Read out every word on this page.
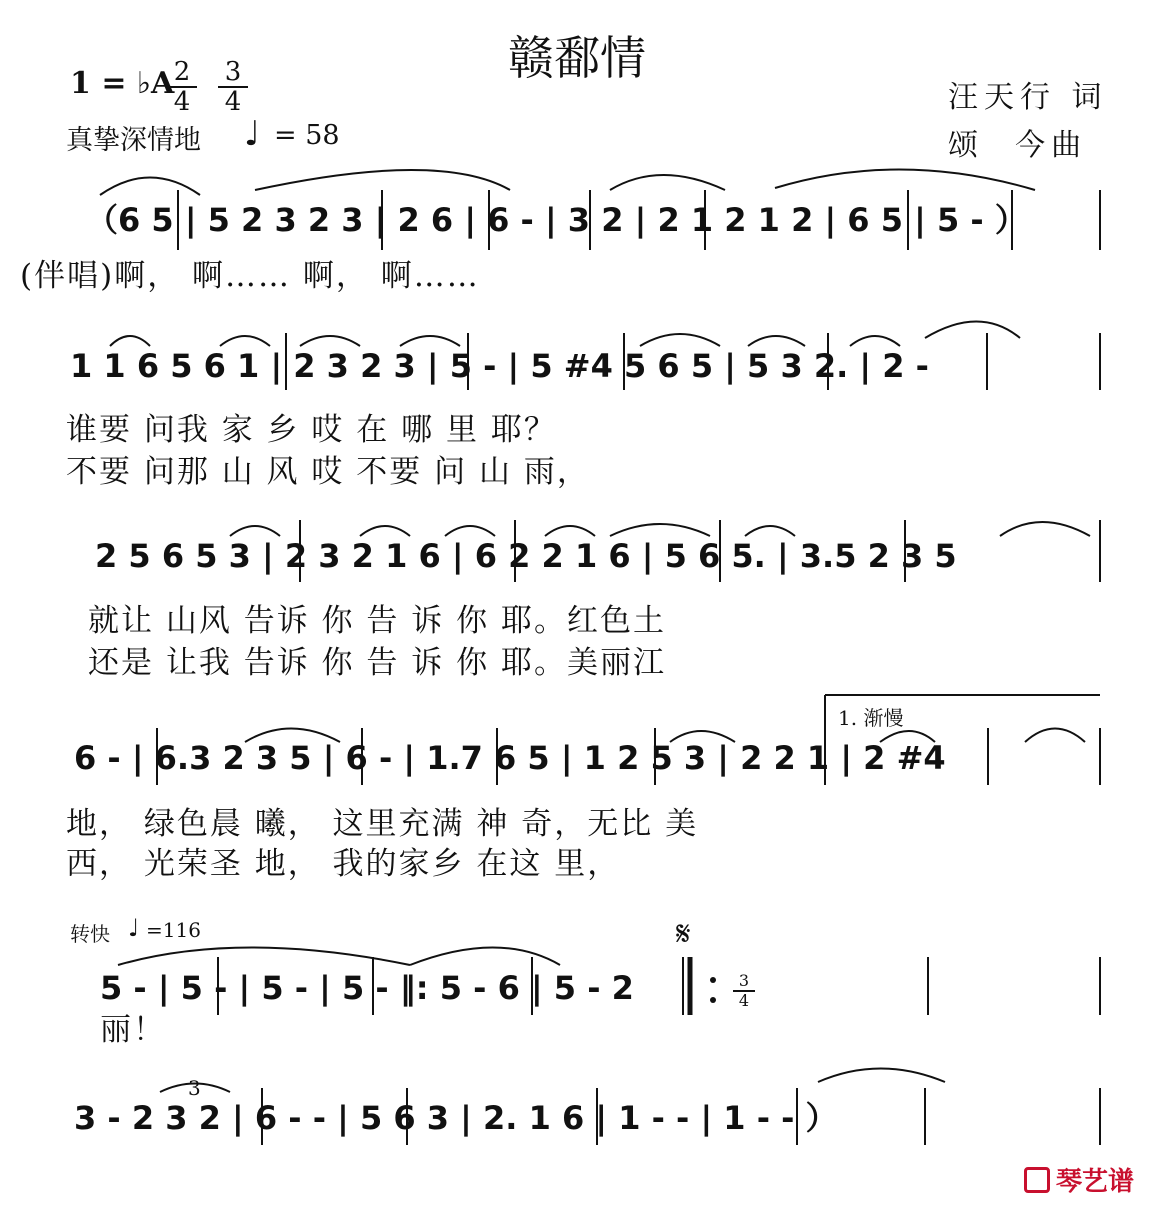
赣鄱情
1 = ♭A
$\frac{2}{4} \frac{3}{4}$
真挚深情地 ♩ = 58
汪天行 词
颂  今曲
（6 5 | 5 2 3 2 3 | 2 6 | 6 - | 3 2 | 2 1 2 1 2 | 6 5 | 5 - ）
(伴唱)啊， 啊…… 啊， 啊……
1 1 6 5 6 1 | 2 3 2 3 | 5 - | 5 #4 5 6 5 | 5 3 2. | 2 -
谁要 问我 家 乡 哎 在 哪 里 耶？
不要 问那 山 风 哎 不要 问 山 雨，
2 5 6 5 3 | 2 3 2 1 6 | 6 2 2 1 6 | 5 6 5. | 3.5 2 3 5
就让 山风 告诉 你 告 诉 你 耶。红色土
还是 让我 告诉 你 告 诉 你 耶。美丽江
1. 渐慢
6 - | 6.3 2 3 5 | 6 - | 1.7 6 5 | 1 2 5 3 | 2 2 1 | 2 #4
地， 绿色晨 曦， 这里充满 神 奇，无比 美
西， 光荣圣 地， 我的家乡 在这 里，
转快 ♩ =116	𝄋
$\frac{3}{4}$
5 - | 5 - | 5 - | 5 - ‖: 5 - 6 | 5 - 2
丽！
3
3 - 2 3 2 | 6 - - | 5 6 3 | 2. 1 6 | 1 - - | 1 - - ）
琴艺谱
